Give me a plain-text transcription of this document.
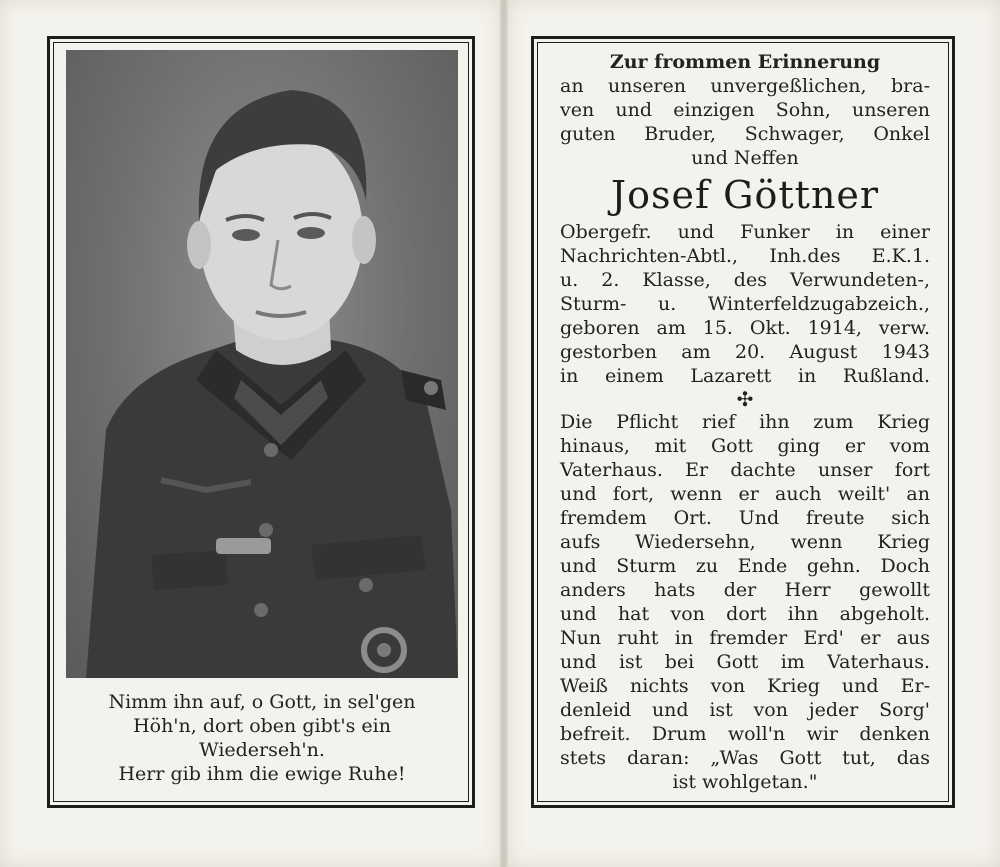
Nimm ihn auf, o Gott, in sel'gen
Höh'n, dort oben gibt's ein
Wiederseh'n.
Herr gib ihm die ewige Ruhe!
Zur frommen Erinnerung
an unseren unvergeßlichen, bra-
ven und einzigen Sohn, unseren
guten Bruder, Schwager, Onkel
und Neffen
Josef Göttner
Obergefr. und Funker in einer
Nachrichten-Abtl., Inh.des E.K.1.
u. 2. Klasse, des Verwundeten-,
Sturm- u. Winterfeldzugabzeich.,
geboren am 15. Okt. 1914, verw.
gestorben am 20. August 1943
in einem Lazarett in Rußland.
✣
Die Pflicht rief ihn zum Krieg
hinaus, mit Gott ging er vom
Vaterhaus. Er dachte unser fort
und fort, wenn er auch weilt' an
fremdem Ort. Und freute sich
aufs Wiedersehn, wenn Krieg
und Sturm zu Ende gehn. Doch
anders hats der Herr gewollt
und hat von dort ihn abgeholt.
Nun ruht in fremder Erd' er aus
und ist bei Gott im Vaterhaus.
Weiß nichts von Krieg und Er-
denleid und ist von jeder Sorg'
befreit. Drum woll'n wir denken
stets daran: „Was Gott tut, das
ist wohlgetan."
